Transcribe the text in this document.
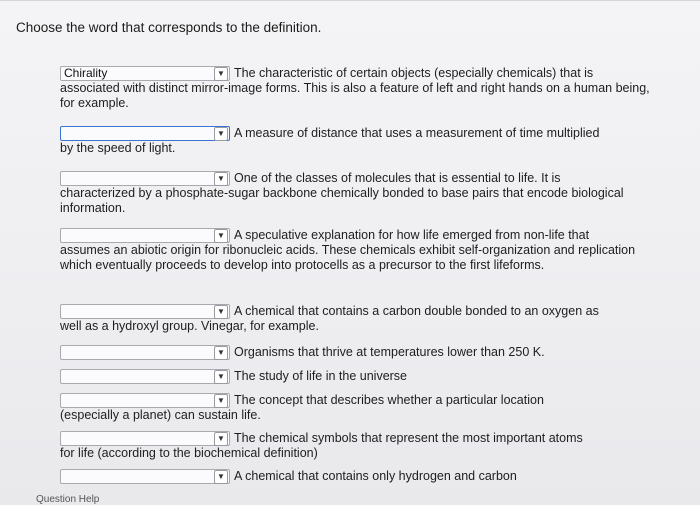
Choose the word that corresponds to the definition.
Chirality	▼ The characteristic of certain objects (especially chemicals) that is
associated with distinct mirror-image forms. This is also a feature of left and right hands on a human being, for example.
▼ A measure of distance that uses a measurement of time multiplied
by the speed of light.
▼ One of the classes of molecules that is essential to life. It is
characterized by a phosphate-sugar backbone chemically bonded to base pairs that encode biological information.
▼ A speculative explanation for how life emerged from non-life that
assumes an abiotic origin for ribonucleic acids. These chemicals exhibit self-organization and replication which eventually proceeds to develop into protocells as a precursor to the first lifeforms.
▼ A chemical that contains a carbon double bonded to an oxygen as
well as a hydroxyl group. Vinegar, for example.
▼ Organisms that thrive at temperatures lower than 250 K.
▼ The study of life in the universe
▼ The concept that describes whether a particular location
(especially a planet) can sustain life.
▼ The chemical symbols that represent the most important atoms
for life (according to the biochemical definition)
▼ A chemical that contains only hydrogen and carbon
Question Help
